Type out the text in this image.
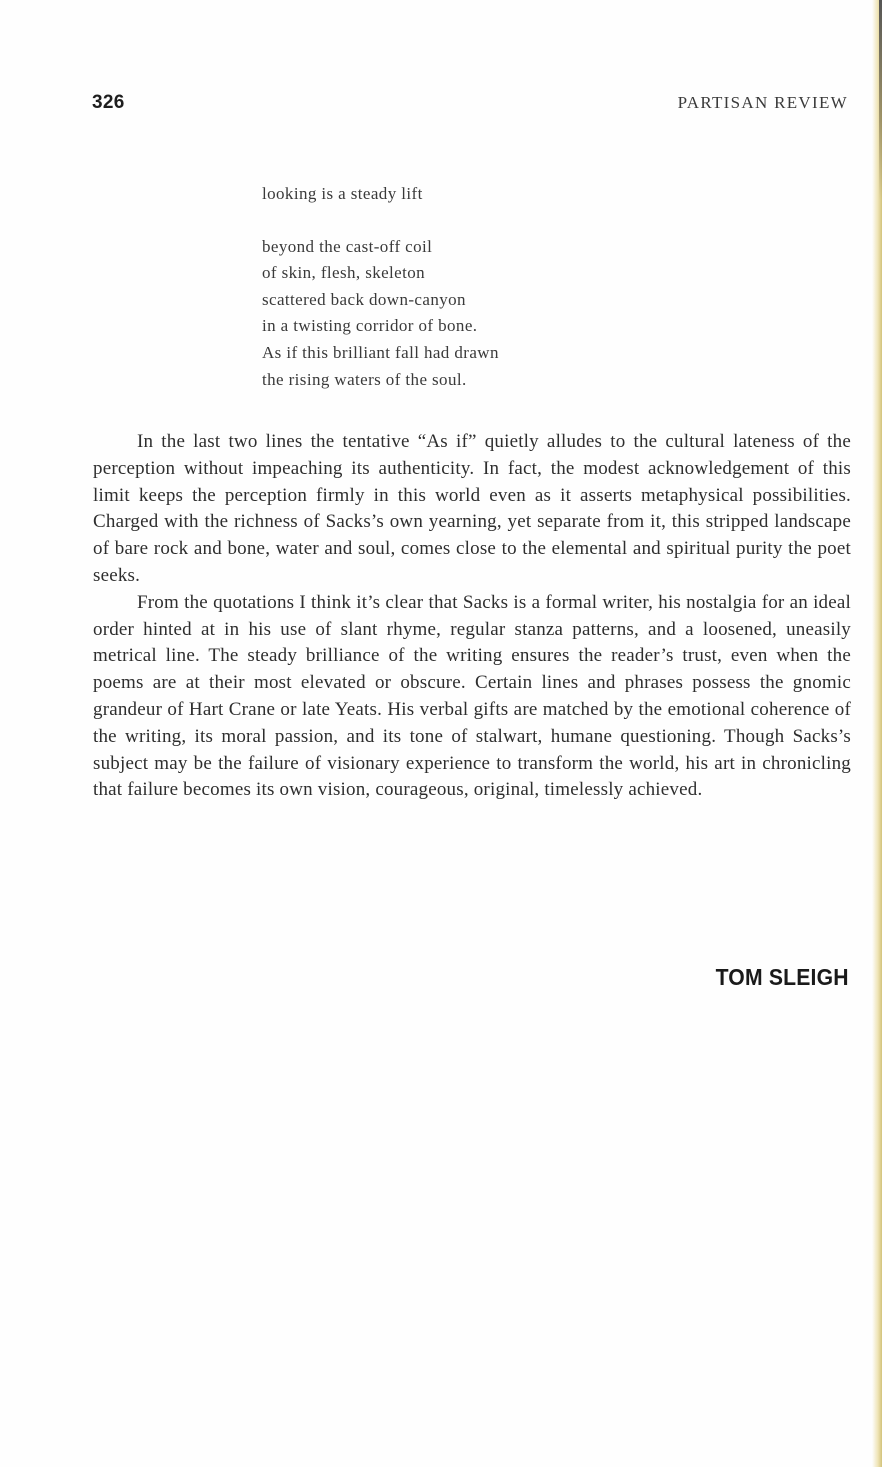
326	PARTISAN REVIEW
looking is a steady lift
beyond the cast-off coil
of skin, flesh, skeleton
scattered back down-canyon
in a twisting corridor of bone.
As if this brilliant fall had drawn
the rising waters of the soul.

In the last two lines the tentative “As if” quietly alludes to the cultural lateness of the perception without impeaching its authenticity. In fact, the modest acknowledgement of this limit keeps the perception firmly in this world even as it asserts metaphysical possibilities. Charged with the richness of Sacks’s own yearning, yet separate from it, this stripped landscape of bare rock and bone, water and soul, comes close to the elemental and spiritual purity the poet seeks.

From the quotations I think it’s clear that Sacks is a formal writer, his nostalgia for an ideal order hinted at in his use of slant rhyme, regular stanza patterns, and a loosened, uneasily metrical line. The steady brilliance of the writing ensures the reader’s trust, even when the poems are at their most elevated or obscure. Certain lines and phrases possess the gnomic grandeur of Hart Crane or late Yeats. His verbal gifts are matched by the emotional coherence of the writing, its moral passion, and its tone of stalwart, humane questioning. Though Sacks’s subject may be the failure of visionary experience to transform the world, his art in chronicling that failure becomes its own vision, courageous, original, timelessly achieved.

TOM SLEIGH
